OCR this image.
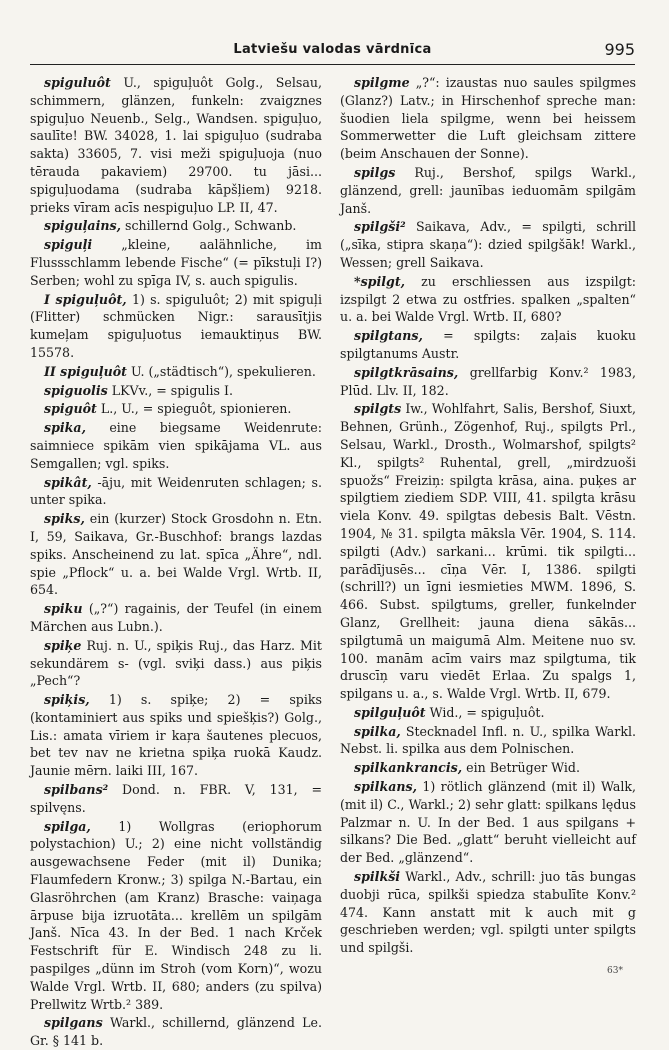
Latviešu valodas vārdnīca	995

spiguluôt U., spiguļuôt Golg., Selsau, schimmern, glänzen, funkeln: zvaigznes spiguļuo Neuenb., Selg., Wandsen. spiguļuo, saulīte! BW. 34028, 1. lai spiguļuo (sudraba sakta) 33605, 7. visi meži spiguļuoja (nuo tērauda pakaviem) 29700. tu jāsi... spiguļuodama (sudraba kāpšļiem) 9218. prieks vīram acīs nespiguļuo LP. II, 47.

spiguļains, schillernd Golg., Schwanb.

spiguļi „kleine, aalähnliche, im Flussschlamm lebende Fische“ (= pīkstuļi I?) Serben; wohl zu spīga IV, s. auch spigulis.

I spiguļuôt, 1) s. spiguluôt; 2) mit spiguļi (Flitter) schmücken Nigr.: sarausītjis kumeļam spiguļuotus iemauktiņus BW. 15578.

II spiguļuôt U. („städtisch“), spekulieren.

spiguolis LKVv., = spigulis I.

spiguôt L., U., = spieguôt, spionieren.

spika, eine biegsame Weidenrute: saimniece spikām vien spikājama VL. aus Semgallen; vgl. spiks.

spikât, -āju, mit Weidenruten schlagen; s. unter spika.

spiks, ein (kurzer) Stock Grosdohn n. Etn. I, 59, Saikava, Gr.-Buschhof: brangs lazdas spiks. Anscheinend zu lat. spīca „Ähre“, ndl. spie „Pflock“ u. a. bei Walde Vrgl. Wrtb. II, 654.

spiku („?“) ragainis, der Teufel (in einem Märchen aus Lubn.).

spiķe Ruj. n. U., spiķis Ruj., das Harz. Mit sekundärem s- (vgl. sviķi dass.) aus piķis „Pech“?

spiķis, 1) s. spiķe; 2) = spiks (kontaminiert aus spiks und spiešķis?) Golg., Lis.: amata vīriem ir kaŗa šautenes plecuos, bet tev nav ne krietna spiķa ruokā Kaudz. Jaunie mērn. laiki III, 167.

spilbans² Dond. n. FBR. V, 131, = spilvęns.

spilga, 1) Wollgras (eriophorum polystachion) U.; 2) eine nicht vollständig ausgewachsene Feder (mit il) Dunika; Flaumfedern Kronw.; 3) spilga N.-Bartau, ein Glasröhrchen (am Kranz) Brasche: vaiņaga ārpuse bija izruotāta... krellēm un spilgām Janš. Nīca 43. In der Bed. 1 nach Krček Festschrift für E. Windisch 248 zu li. paspilges „dünn im Stroh (vom Korn)“, wozu Walde Vrgl. Wrtb. II, 680; anders (zu spilva) Prellwitz Wrtb.² 389.

spilgans Warkl., schillernd, glänzend Le. Gr. § 141 b.

spilgme „?“: izaustas nuo saules spilgmes (Glanz?) Latv.; in Hirschenhof spreche man: šuodien liela spilgme, wenn bei heissem Sommerwetter die Luft gleichsam zittere (beim Anschauen der Sonne).

spilgs Ruj., Bershof, spilgs Warkl., glänzend, grell: jaunības ieduomām spilgām Janš.

spilgši² Saikava, Adv., = spilgti, schrill („sīka, stipra skaņa“): dzied spilgšāk! Warkl., Wessen; grell Saikava.

*spilgt, zu erschliessen aus izspilgt: izspilgt 2 etwa zu ostfries. spalken „spalten“ u. a. bei Walde Vrgl. Wrtb. II, 680?

spilgtans, = spilgts: zaļais kuoku spilgtanums Austr.

spilgtkrāsains, grellfarbig Konv.² 1983, Plūd. Llv. II, 182.

spilgts Iw., Wohlfahrt, Salis, Bershof, Siuxt, Behnen, Grünh., Zögenhof, Ruj., spilgts Prl., Selsau, Warkl., Drosth., Wolmarshof, spilgts² Kl., spilgts² Ruhental, grell, „mirdzuoši spuožs“ Freiziņ: spilgta krāsa, aina. puķes ar spilgtiem ziediem SDP. VIII, 41. spilgta krāsu viela Konv. 49. spilgtas debesis Balt. Vēstn. 1904, № 31. spilgta māksla Vēr. 1904, S. 114. spilgti (Adv.) sarkani... krūmi. tik spilgti... parādījusēs... cīņa Vēr. I, 1386. spilgti (schrill?) un īgni iesmieties MWM. 1896, S. 466. Subst. spilgtums, greller, funkelnder Glanz, Grellheit: jauna diena sākās... spilgtumā un maigumā Alm. Meitene nuo sv. 100. manām acīm vairs maz spilgtuma, tik druscīņ varu viedēt Erlaa. Zu spalgs 1, spilgans u. a., s. Walde Vrgl. Wrtb. II, 679.

spilguļuôt Wid., = spiguļuôt.

spilka, Stecknadel Infl. n. U., spilka Warkl. Nebst. li. spilka aus dem Polnischen.

spilkankrancis, ein Betrüger Wid.

spilkans, 1) rötlich glänzend (mit il) Walk, (mit il) C., Warkl.; 2) sehr glatt: spilkans lędus Palzmar n. U. In der Bed. 1 aus spilgans + silkans? Die Bed. „glatt“ beruht vielleicht auf der Bed. „glänzend“.

spilkši Warkl., Adv., schrill: juo tās bungas duobji rūca, spilkši spiedza stabulīte Konv.² 474. Kann anstatt mit k auch mit g geschrieben werden; vgl. spilgti unter spilgts und spilgši.

63*
